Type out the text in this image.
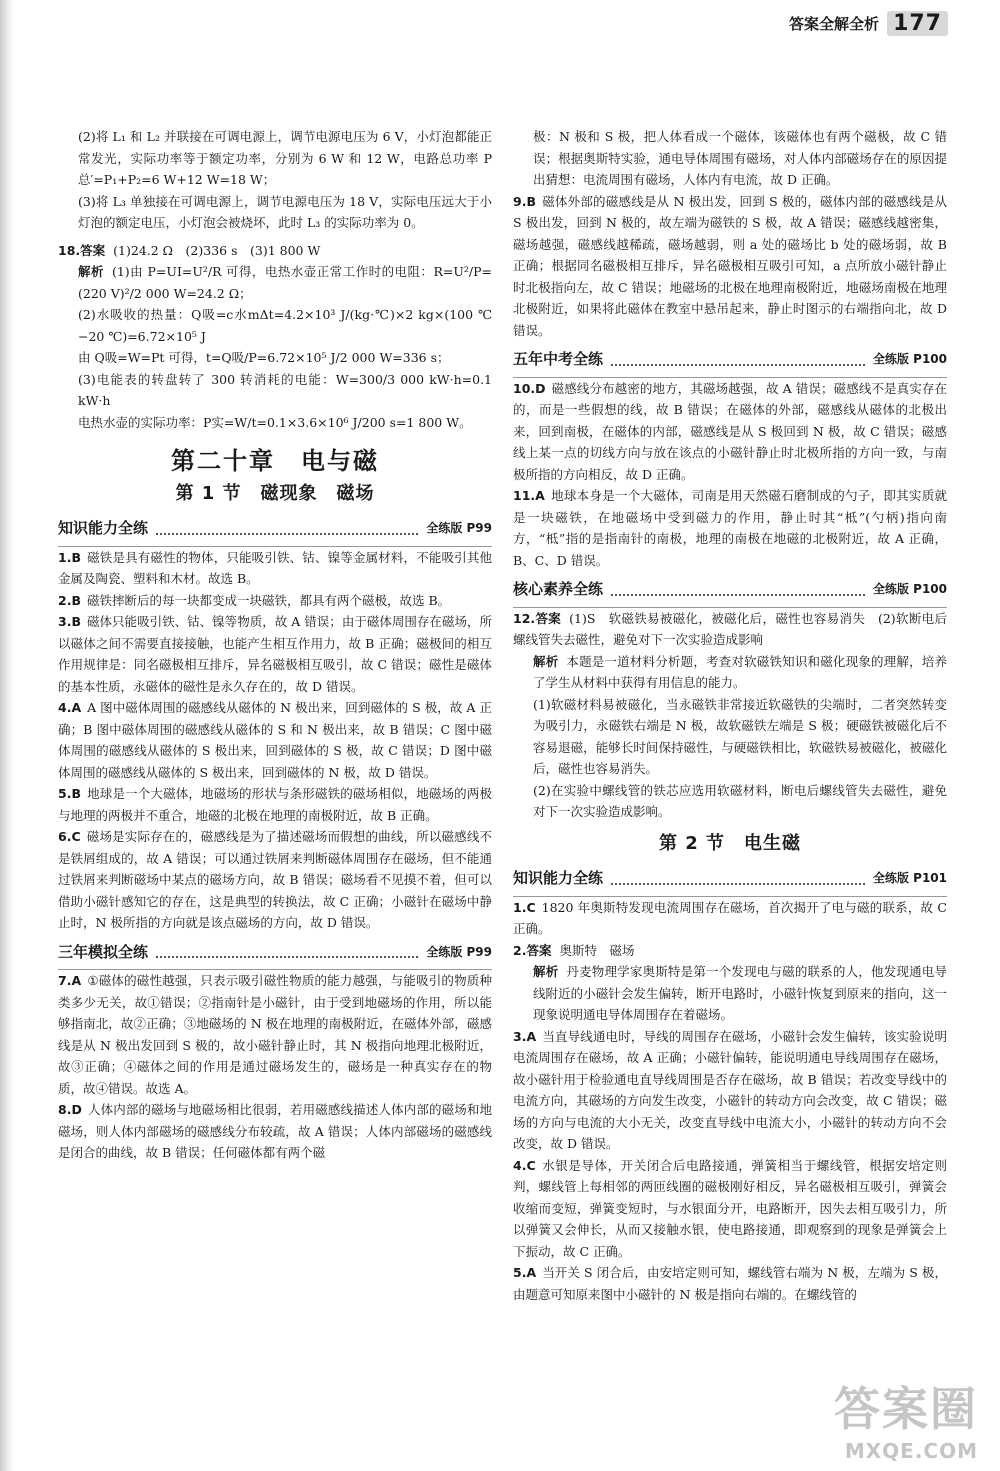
答案全解全析 177

(2)将 L₁ 和 L₂ 并联接在可调电源上，调节电源电压为 6 V，小灯泡都能正常发光，实际功率等于额定功率，分别为 6 W 和 12 W，电路总功率 P总′=P₁+P₂=6 W+12 W=18 W；

(3)将 L₃ 单独接在可调电源上，调节电源电压为 18 V，实际电压远大于小灯泡的额定电压，小灯泡会被烧坏，此时 L₃ 的实际功率为 0。

18.答案 (1)24.2 Ω　(2)336 s　(3)1 800 W

解析 (1)由 P=UI=U²/R 可得，电热水壶正常工作时的电阻：R=U²/P=(220 V)²/2 000 W=24.2 Ω；

(2)水吸收的热量：Q吸=c水mΔt=4.2×10³ J/(kg·℃)×2 kg×(100 ℃−20 ℃)=6.72×10⁵ J

由 Q吸=W=Pt 可得，t=Q吸/P=6.72×10⁵ J/2 000 W=336 s；

(3)电能表的转盘转了 300 转消耗的电能：W=300/3 000 kW·h=0.1 kW·h

电热水壶的实际功率：P实=W/t=0.1×3.6×10⁶ J/200 s=1 800 W。

第二十章　电与磁
第 1 节　磁现象　磁场
知识能力全练	全练版 P99

1.B 磁铁是具有磁性的物体，只能吸引铁、钴、镍等金属材料，不能吸引其他金属及陶瓷、塑料和木材。故选 B。

2.B 磁铁摔断后的每一块都变成一块磁铁，都具有两个磁极，故选 B。

3.B 磁体只能吸引铁、钴、镍等物质，故 A 错误；由于磁体周围存在磁场，所以磁体之间不需要直接接触，也能产生相互作用力，故 B 正确；磁极间的相互作用规律是：同名磁极相互排斥，异名磁极相互吸引，故 C 错误；磁性是磁体的基本性质，永磁体的磁性是永久存在的，故 D 错误。

4.A A 图中磁体周围的磁感线从磁体的 N 极出来，回到磁体的 S 极，故 A 正确；B 图中磁体周围的磁感线从磁体的 S 和 N 极出来，故 B 错误；C 图中磁体周围的磁感线从磁体的 S 极出来，回到磁体的 S 极，故 C 错误；D 图中磁体周围的磁感线从磁体的 S 极出来，回到磁体的 N 极，故 D 错误。

5.B 地球是一个大磁体，地磁场的形状与条形磁铁的磁场相似，地磁场的两极与地理的两极并不重合，地磁的北极在地理的南极附近，故 B 正确。

6.C 磁场是实际存在的，磁感线是为了描述磁场而假想的曲线，所以磁感线不是铁屑组成的，故 A 错误；可以通过铁屑来判断磁体周围存在磁场，但不能通过铁屑来判断磁场中某点的磁场方向，故 B 错误；磁场看不见摸不着，但可以借助小磁针感知它的存在，这是典型的转换法，故 C 正确；小磁针在磁场中静止时，N 极所指的方向就是该点磁场的方向，故 D 错误。

三年模拟全练	全练版 P99

7.A ①磁体的磁性越强，只表示吸引磁性物质的能力越强，与能吸引的物质种类多少无关，故①错误；②指南针是小磁针，由于受到地磁场的作用，所以能够指南北，故②正确；③地磁场的 N 极在地理的南极附近，在磁体外部，磁感线是从 N 极出发回到 S 极的，故小磁针静止时，其 N 极指向地理北极附近，故③正确；④磁体之间的作用是通过磁场发生的，磁场是一种真实存在的物质，故④错误。故选 A。

8.D 人体内部的磁场与地磁场相比很弱，若用磁感线描述人体内部的磁场和地磁场，则人体内部磁场的磁感线分布较疏，故 A 错误；人体内部磁场的磁感线是闭合的曲线，故 B 错误；任何磁体都有两个磁

极：N 极和 S 极，把人体看成一个磁体，该磁体也有两个磁极，故 C 错误；根据奥斯特实验，通电导体周围有磁场，对人体内部磁场存在的原因提出猜想：电流周围有磁场，人体内有电流，故 D 正确。

9.B 磁体外部的磁感线是从 N 极出发，回到 S 极的，磁体内部的磁感线是从 S 极出发，回到 N 极的，故左端为磁铁的 S 极，故 A 错误；磁感线越密集，磁场越强，磁感线越稀疏，磁场越弱，则 a 处的磁场比 b 处的磁场弱，故 B 正确；根据同名磁极相互排斥，异名磁极相互吸引可知，a 点所放小磁针静止时北极指向左，故 C 错误；地磁场的北极在地理南极附近，地磁场南极在地理北极附近，如果将此磁体在教室中悬吊起来，静止时图示的右端指向北，故 D 错误。

五年中考全练	全练版 P100

10.D 磁感线分布越密的地方，其磁场越强，故 A 错误；磁感线不是真实存在的，而是一些假想的线，故 B 错误；在磁体的外部，磁感线从磁体的北极出来，回到南极，在磁体的内部，磁感线是从 S 极回到 N 极，故 C 错误；磁感线上某一点的切线方向与放在该点的小磁针静止时北极所指的方向一致，与南极所指的方向相反，故 D 正确。

11.A 地球本身是一个大磁体，司南是用天然磁石磨制成的勺子，即其实质就是一块磁铁，在地磁场中受到磁力的作用，静止时其“柢”(勺柄)指向南方，“柢”指的是指南针的南极，地理的南极在地磁的北极附近，故 A 正确，B、C、D 错误。

核心素养全练	全练版 P100

12.答案 (1)S　软磁铁易被磁化，被磁化后，磁性也容易消失　(2)软断电后螺线管失去磁性，避免对下一次实验造成影响

解析 本题是一道材料分析题，考查对软磁铁知识和磁化现象的理解，培养了学生从材料中获得有用信息的能力。

(1)软磁材料易被磁化，当永磁铁非常接近软磁铁的尖端时，二者突然转变为吸引力，永磁铁右端是 N 极，故软磁铁左端是 S 极；硬磁铁被磁化后不容易退磁，能够长时间保持磁性，与硬磁铁相比，软磁铁易被磁化，被磁化后，磁性也容易消失。

(2)在实验中螺线管的铁芯应选用软磁材料，断电后螺线管失去磁性，避免对下一次实验造成影响。

第 2 节　电生磁
知识能力全练	全练版 P101

1.C 1820 年奥斯特发现电流周围存在磁场，首次揭开了电与磁的联系，故 C 正确。

2.答案 奥斯特　磁场

解析 丹麦物理学家奥斯特是第一个发现电与磁的联系的人，他发现通电导线附近的小磁针会发生偏转，断开电路时，小磁针恢复到原来的指向，这一现象说明通电导体周围存在着磁场。

3.A 当直导线通电时，导线的周围存在磁场，小磁针会发生偏转，该实验说明电流周围存在磁场，故 A 正确；小磁针偏转，能说明通电导线周围存在磁场，故小磁针用于检验通电直导线周围是否存在磁场，故 B 错误；若改变导线中的电流方向，其磁场的方向发生改变，小磁针的转动方向会改变，故 C 错误；磁场的方向与电流的大小无关，改变直导线中电流大小，小磁针的转动方向不会改变，故 D 错误。

4.C 水银是导体，开关闭合后电路接通，弹簧相当于螺线管，根据安培定则判，螺线管上每相邻的两匝线圈的磁极刚好相反，异名磁极相互吸引，弹簧会收缩而变短，弹簧变短时，与水银面分开，电路断开，因失去相互吸引力，所以弹簧又会伸长，从而又接触水银，使电路接通，即观察到的现象是弹簧会上下振动，故 C 正确。

5.A 当开关 S 闭合后，由安培定则可知，螺线管右端为 N 极，左端为 S 极，由题意可知原来图中小磁针的 N 极是指向右端的。在螺线管的

答案圈
MXQE.COM
